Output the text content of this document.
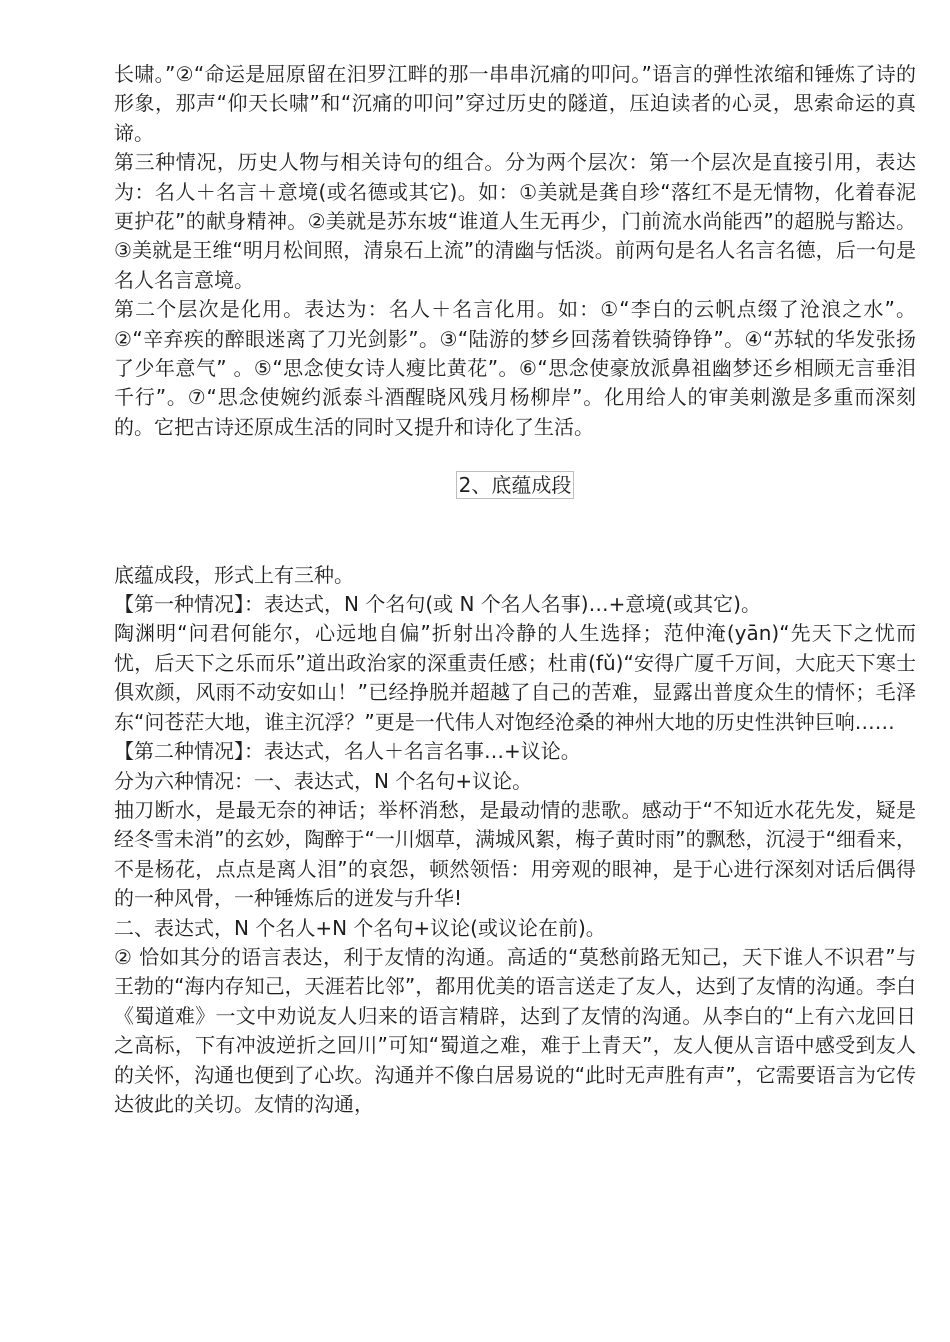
长啸。”②“命运是屈原留在汨罗江畔的那一串串沉痛的叩问。”语言的弹性浓缩和锤炼了诗的形象，那声“仰天长啸”和“沉痛的叩问”穿过历史的隧道，压迫读者的心灵，思索命运的真谛。

第三种情况，历史人物与相关诗句的组合。分为两个层次：第一个层次是直接引用，表达为：名人＋名言＋意境(或名德或其它)。如：①美就是龚自珍“落红不是无情物，化着春泥更护花”的献身精神。②美就是苏东坡“谁道人生无再少，门前流水尚能西”的超脱与豁达。③美就是王维“明月松间照，清泉石上流”的清幽与恬淡。前两句是名人名言名德，后一句是名人名言意境。

第二个层次是化用。表达为：名人＋名言化用。如：①“李白的云帆点缀了沧浪之水”。②“辛弃疾的醉眼迷离了刀光剑影”。③“陆游的梦乡回荡着铁骑铮铮”。④“苏轼的华发张扬了少年意气” 。⑤“思念使女诗人瘦比黄花”。⑥“思念使豪放派鼻祖幽梦还乡相顾无言垂泪千行”。⑦“思念使婉约派泰斗酒醒晓风残月杨柳岸”。化用给人的审美刺激是多重而深刻的。它把古诗还原成生活的同时又提升和诗化了生活。

2、底蕴成段

底蕴成段，形式上有三种。

【第一种情况】：表达式，N 个名句(或 N 个名人名事)…+意境(或其它)。

陶渊明“问君何能尔，心远地自偏”折射出冷静的人生选择；范仲淹(yān)“先天下之忧而忧，后天下之乐而乐”道出政治家的深重责任感；杜甫(fǔ)“安得广厦千万间，大庇天下寒士俱欢颜，风雨不动安如山！”已经挣脱并超越了自己的苦难，显露出普度众生的情怀；毛泽东“问苍茫大地，谁主沉浮？”更是一代伟人对饱经沧桑的神州大地的历史性洪钟巨响……

【第二种情况】：表达式，名人＋名言名事…+议论。

分为六种情况：一、表达式，N 个名句+议论。

抽刀断水，是最无奈的神话；举杯消愁，是最动情的悲歌。感动于“不知近水花先发，疑是经冬雪未消”的玄妙，陶醉于“一川烟草，满城风絮，梅子黄时雨”的飘愁，沉浸于“细看来，不是杨花，点点是离人泪”的哀怨，顿然领悟：用旁观的眼神，是于心进行深刻对话后偶得的一种风骨，一种锤炼后的迸发与升华!

二、表达式，N 个名人+N 个名句+议论(或议论在前)。

② 恰如其分的语言表达，利于友情的沟通。高适的“莫愁前路无知己，天下谁人不识君”与王勃的“海内存知己，天涯若比邻”，都用优美的语言送走了友人，达到了友情的沟通。李白《蜀道难》一文中劝说友人归来的语言精辟，达到了友情的沟通。从李白的“上有六龙回日之高标，下有冲波逆折之回川”可知“蜀道之难，难于上青天”，友人便从言语中感受到友人的关怀，沟通也便到了心坎。沟通并不像白居易说的“此时无声胜有声”，它需要语言为它传达彼此的关切。友情的沟通，
